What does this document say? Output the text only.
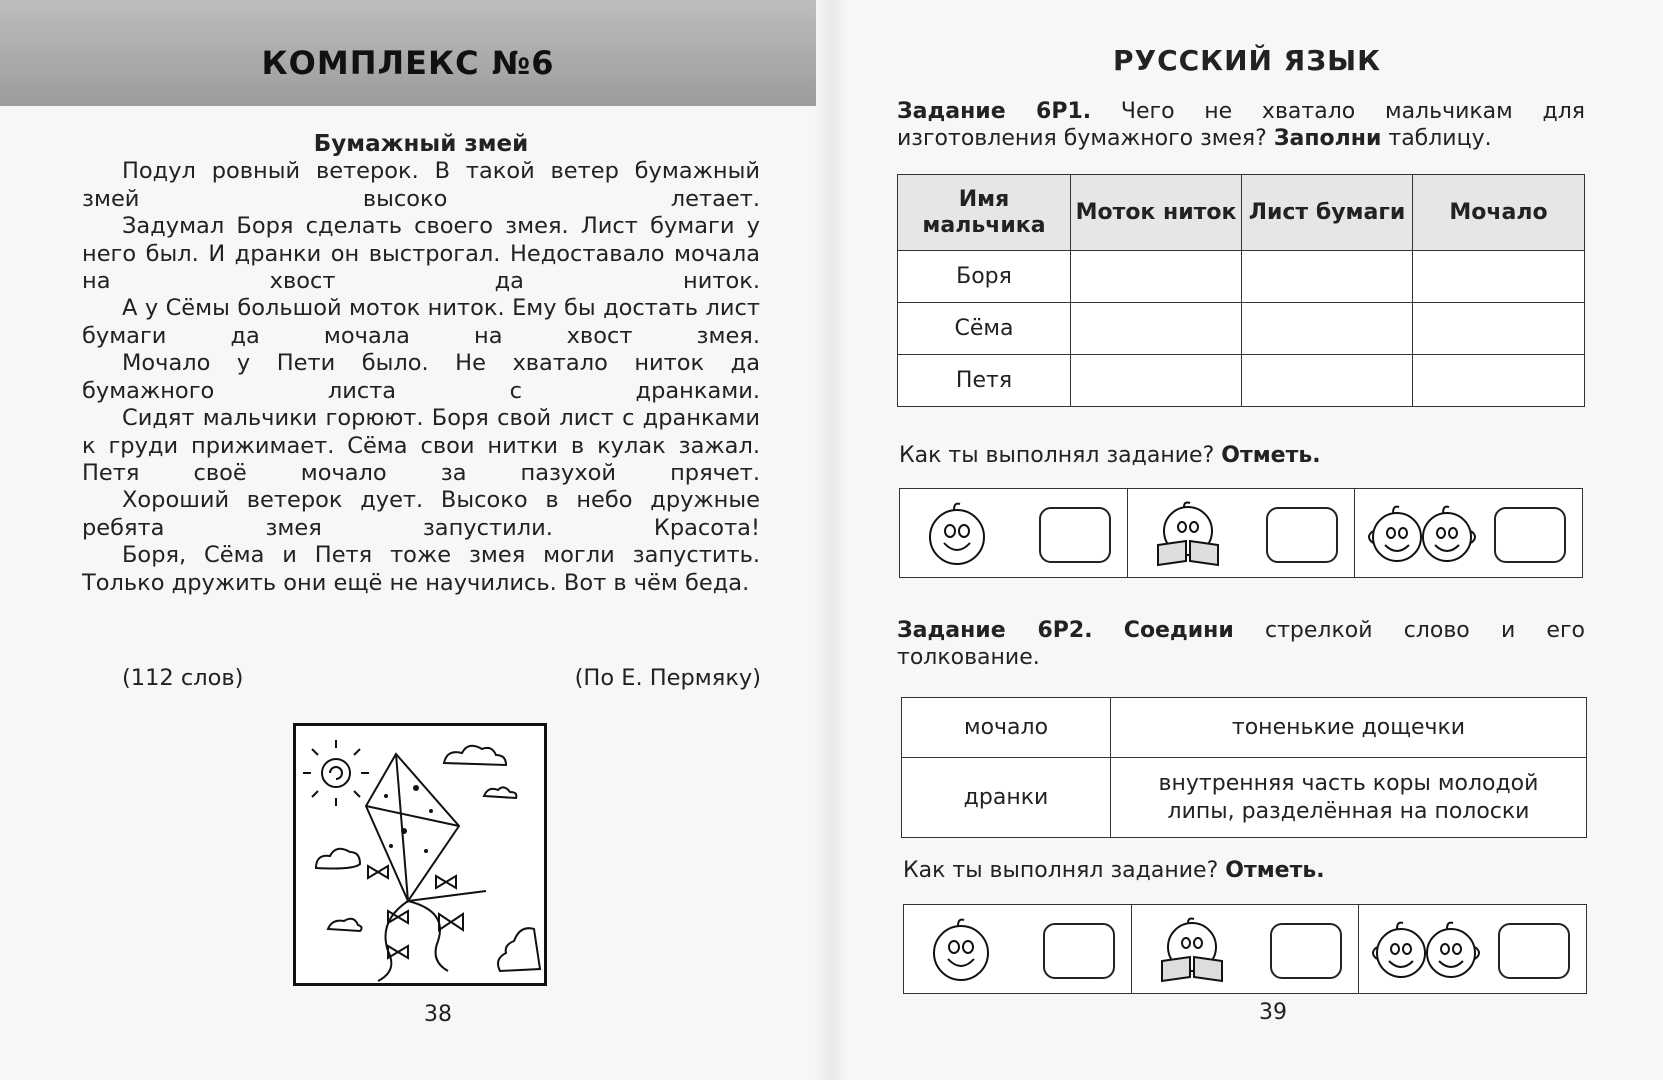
КОМПЛЕКС №6
Бумажный змей
Подул ровный ветерок. В такой ветер бумажный змей высоко летает.
Задумал Боря сделать своего змея. Лист бумаги у него был. И дранки он выстрогал. Недоставало мочала на хвост да ниток.
А у Сёмы большой моток ниток. Ему бы достать лист бумаги да мочала на хвост змея.
Мочало у Пети было. Не хватало ниток да бумажного листа с дранками.
Сидят мальчики горюют. Боря свой лист с дранками к груди прижимает. Сёма свои нитки в кулак зажал. Петя своё мочало за пазухой прячет.
Хороший ветерок дует. Высоко в небо дружные ребята змея запустили. Красота!
Боря, Сёма и Петя тоже змея могли запустить. Только дружить они ещё не научились. Вот в чём беда.
(112 слов)	(По Е. Пермяку)
38
РУССКИЙ ЯЗЫК
Задание 6Р1. Чего не хватало мальчикам для изготовления бумажного змея? Заполни таблицу.
Имя мальчика	Моток ниток	Лист бумаги	Мочало
Боря			
Сёма			
Петя			
Как ты выполнял задание? Отметь.
Задание 6Р2. Соедини стрелкой слово и его толкование.
мочало	тоненькие дощечки
дранки	внутренняя часть коры молодой липы, разделённая на полоски
Как ты выполнял задание? Отметь.
39
